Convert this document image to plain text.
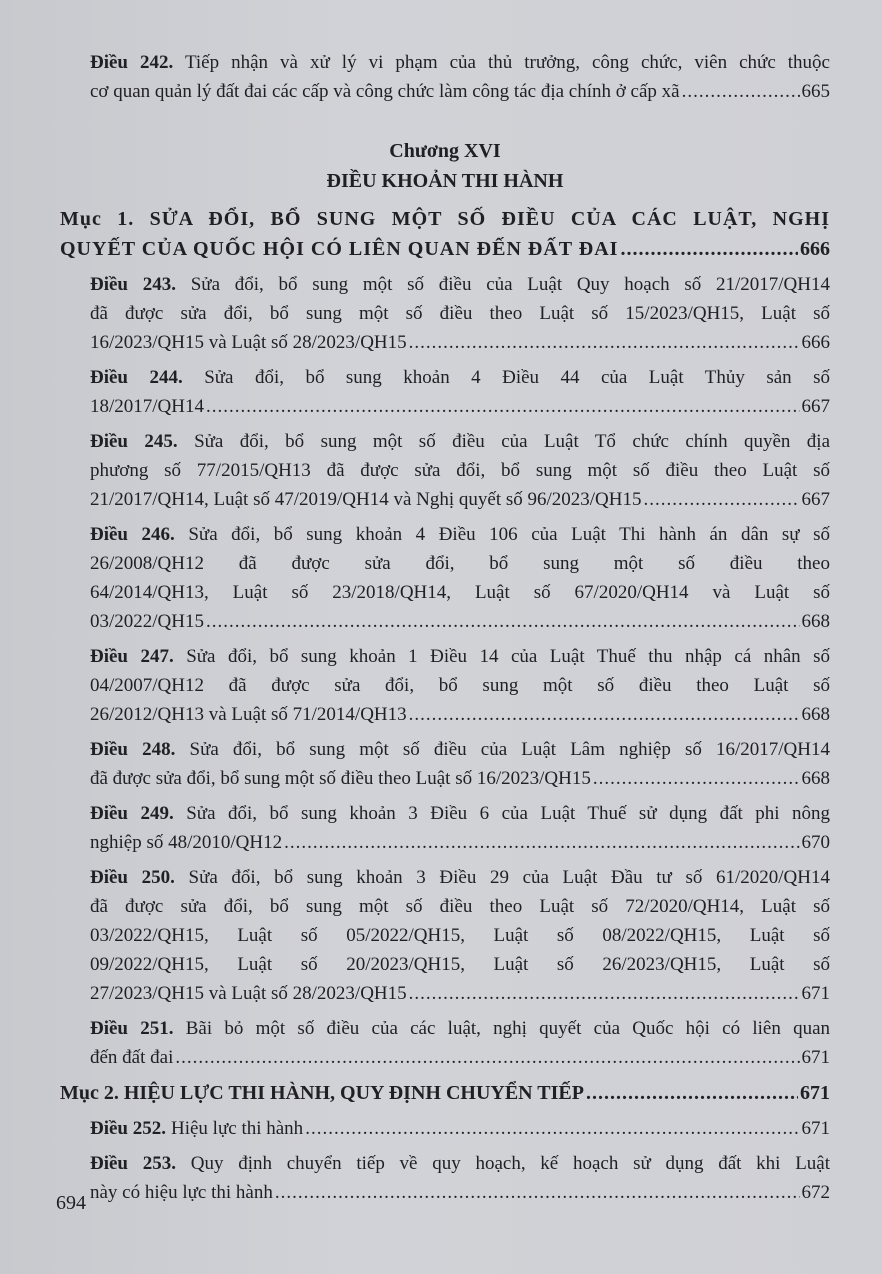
Điều 242. Tiếp nhận và xử lý vi phạm của thủ trưởng, công chức, viên chức thuộc
cơ quan quản lý đất đai các cấp và công chức làm công tác địa chính ở cấp xã .....	665
Chương XVI
ĐIỀU KHOẢN THI HÀNH
Mục 1. SỬA ĐỔI, BỔ SUNG MỘT SỐ ĐIỀU CỦA CÁC LUẬT, NGHỊ
QUYẾT CỦA QUỐC HỘI CÓ LIÊN QUAN ĐẾN ĐẤT ĐAI .....	666
Điều 243. Sửa đổi, bổ sung một số điều của Luật Quy hoạch số 21/2017/QH14
đã được sửa đổi, bổ sung một số điều theo Luật số 15/2023/QH15, Luật số
16/2023/QH15 và Luật số 28/2023/QH15 .....	666
Điều 244. Sửa đổi, bổ sung khoản 4 Điều 44 của Luật Thủy sản số
18/2017/QH14 .....	667
Điều 245. Sửa đổi, bổ sung một số điều của Luật Tổ chức chính quyền địa
phương số 77/2015/QH13 đã được sửa đổi, bổ sung một số điều theo Luật số
21/2017/QH14, Luật số 47/2019/QH14 và Nghị quyết số 96/2023/QH15 .....	667
Điều 246. Sửa đổi, bổ sung khoản 4 Điều 106 của Luật Thi hành án dân sự số
26/2008/QH12 đã được sửa đổi, bổ sung một số điều theo
64/2014/QH13, Luật số 23/2018/QH14, Luật số 67/2020/QH14 và Luật số
03/2022/QH15 .....	668
Điều 247. Sửa đổi, bổ sung khoản 1 Điều 14 của Luật Thuế thu nhập cá nhân số
04/2007/QH12 đã được sửa đổi, bổ sung một số điều theo Luật số
26/2012/QH13 và Luật số 71/2014/QH13 .....	668
Điều 248. Sửa đổi, bổ sung một số điều của Luật Lâm nghiệp số 16/2017/QH14
đã được sửa đổi, bổ sung một số điều theo Luật số 16/2023/QH15 .....	668
Điều 249. Sửa đổi, bổ sung khoản 3 Điều 6 của Luật Thuế sử dụng đất phi nông
nghiệp số 48/2010/QH12 .....	670
Điều 250. Sửa đổi, bổ sung khoản 3 Điều 29 của Luật Đầu tư số 61/2020/QH14
đã được sửa đổi, bổ sung một số điều theo Luật số 72/2020/QH14, Luật số
03/2022/QH15, Luật số 05/2022/QH15, Luật số 08/2022/QH15, Luật số
09/2022/QH15, Luật số 20/2023/QH15, Luật số 26/2023/QH15, Luật số
27/2023/QH15 và Luật số 28/2023/QH15 .....	671
Điều 251. Bãi bỏ một số điều của các luật, nghị quyết của Quốc hội có liên quan
đến đất đai .....	671
Mục 2. HIỆU LỰC THI HÀNH, QUY ĐỊNH CHUYỂN TIẾP .....	671
Điều 252. Hiệu lực thi hành .....	671
Điều 253. Quy định chuyển tiếp về quy hoạch, kế hoạch sử dụng đất khi Luật
này có hiệu lực thi hành .....	672
694
